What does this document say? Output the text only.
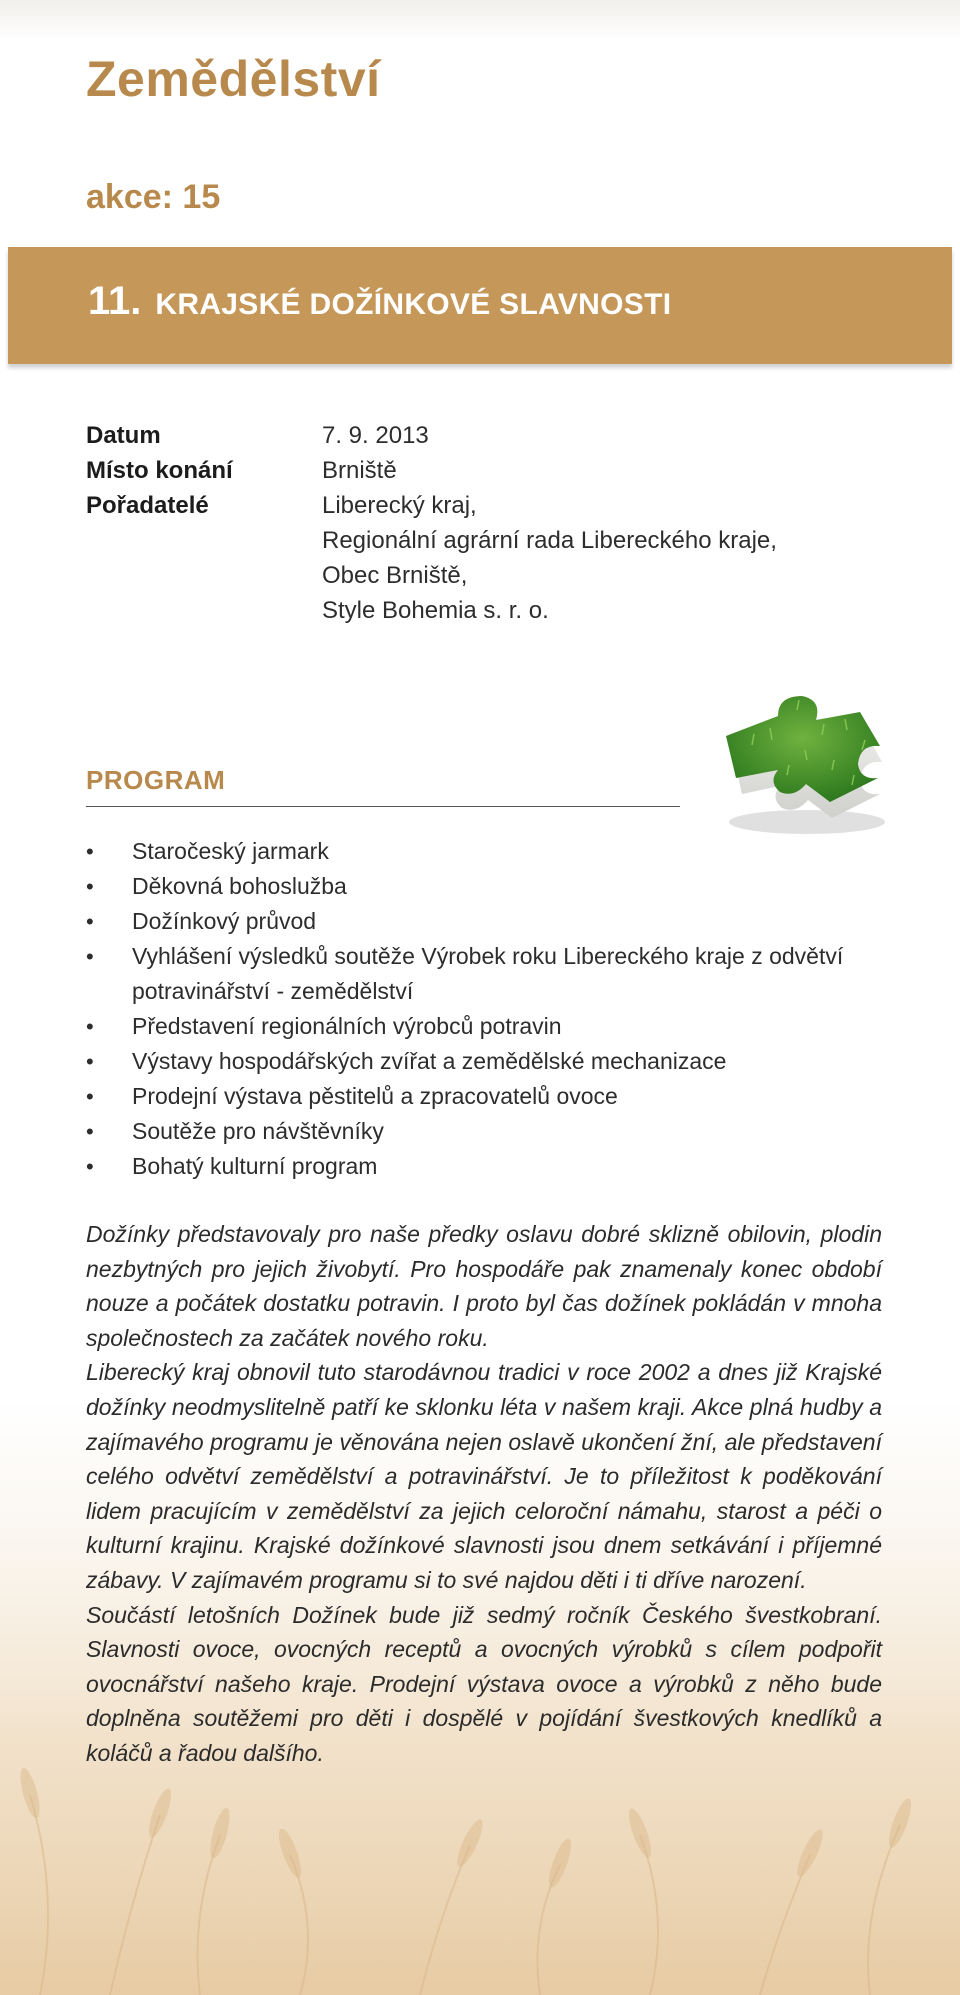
Zemědělství
akce: 15
11. KRAJSKÉ DOŽÍNKOVÉ SLAVNOSTI
Datum	7. 9. 2013
Místo konání	Brniště
Pořadatelé	Liberecký kraj,
Regionální agrární rada Libereckého kraje,
Obec Brniště,
Style Bohemia s. r. o.
PROGRAM
• Staročeský jarmark
• Děkovná bohoslužba
• Dožínkový průvod
• Vyhlášení výsledků soutěže Výrobek roku Libereckého kraje z odvětví potravinářství - zemědělství
• Představení regionálních výrobců potravin
• Výstavy hospodářských zvířat a zemědělské mechanizace
• Prodejní výstava pěstitelů a zpracovatelů ovoce
• Soutěže pro návštěvníky
• Bohatý kulturní program

Dožínky představovaly pro naše předky oslavu dobré sklizně obilovin, plodin nezbytných pro jejich živobytí. Pro hospodáře pak znamenaly konec období nouze a počátek dostatku potravin. I proto byl čas dožínek pokládán v mnoha společnostech za začátek nového roku.

Liberecký kraj obnovil tuto starodávnou tradici v roce 2002 a dnes již Krajské dožínky neodmyslitelně patří ke sklonku léta v našem kraji. Akce plná hudby a zajímavého programu je věnována nejen oslavě ukončení žní, ale představení celého odvětví zemědělství a potravinářství. Je to příležitost k poděkování lidem pracujícím v zemědělství za jejich celoroční námahu, starost a péči o kulturní krajinu. Krajské dožínkové slavnosti jsou dnem setkávání i příjemné zábavy. V zajímavém programu si to své najdou děti i ti dříve narození.

Součástí letošních Dožínek bude již sedmý ročník Českého švestkobraní. Slavnosti ovoce, ovocných receptů a ovocných výrobků s cílem podpořit ovocnářství našeho kraje. Prodejní výstava ovoce a výrobků z něho bude doplněna soutěžemi pro děti i dospělé v pojídání švestkových knedlíků a koláčů a řadou dalšího.
